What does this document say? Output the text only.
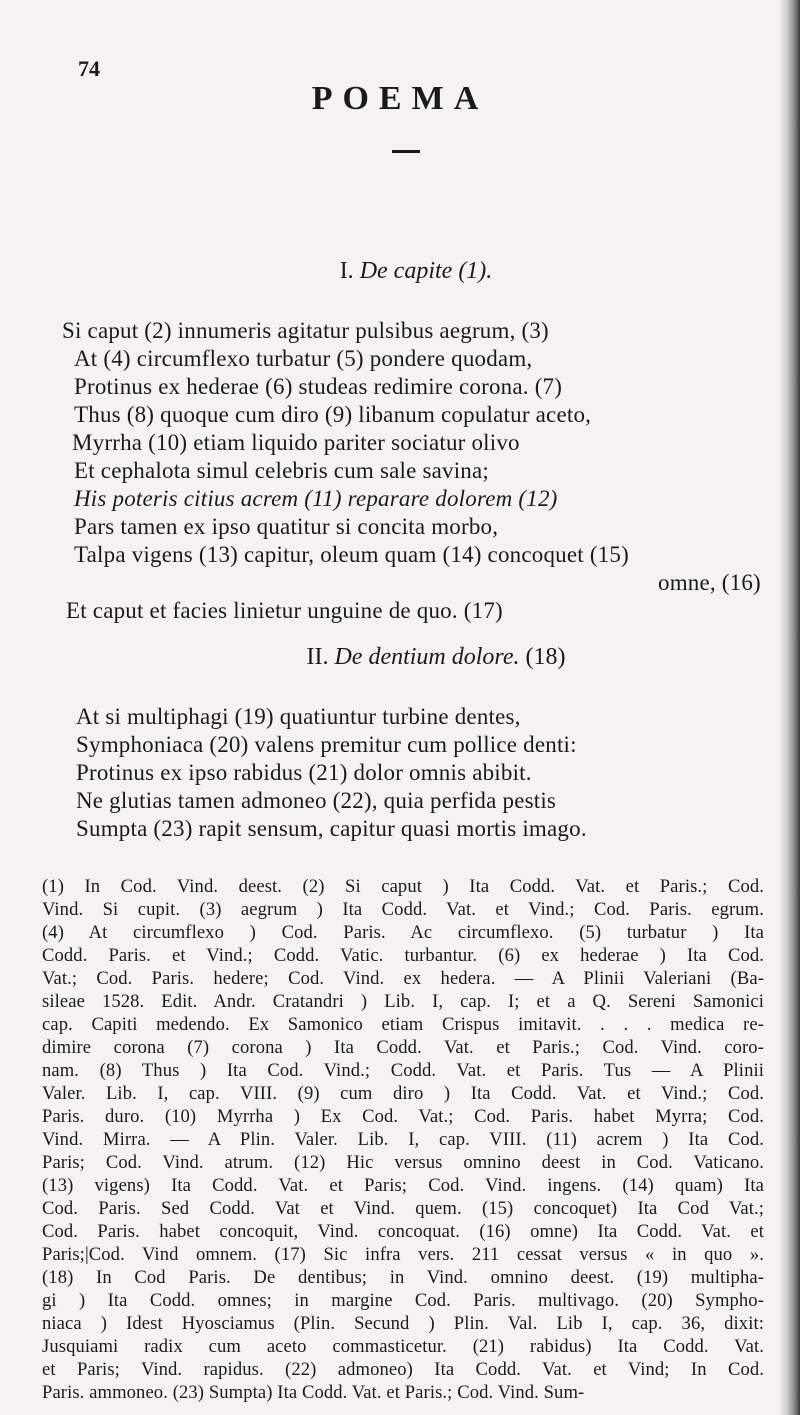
74
POEMA
I. De capite (1).
Si caput (2) innumeris agitatur pulsibus aegrum, (3)
At (4) circumflexo turbatur (5) pondere quodam,
Protinus ex hederae (6) studeas redimire corona. (7)
Thus (8) quoque cum diro (9) libanum copulatur aceto,
Myrrha (10) etiam liquido pariter sociatur olivo
Et cephalota simul celebris cum sale savina;
His poteris citius acrem (11) reparare dolorem (12)
Pars tamen ex ipso quatitur si concita morbo,
Talpa vigens (13) capitur, oleum quam (14) concoquet (15)
omne, (16)
Et caput et facies linietur unguine de quo. (17)
II. De dentium dolore. (18)
At si multiphagi (19) quatiuntur turbine dentes,
Symphoniaca (20) valens premitur cum pollice denti:
Protinus ex ipso rabidus (21) dolor omnis abibit.
Ne glutias tamen admoneo (22), quia perfida pestis
Sumpta (23) rapit sensum, capitur quasi mortis imago.
(1) In Cod. Vind. deest. (2) Si caput ) Ita Codd. Vat. et Paris.; Cod.
Vind. Si cupit. (3) aegrum ) Ita Codd. Vat. et Vind.; Cod. Paris. egrum.
(4) At circumflexo ) Cod. Paris. Ac circumflexo. (5) turbatur ) Ita
Codd. Paris. et Vind.; Codd. Vatic. turbantur. (6) ex hederae ) Ita Cod.
Vat.; Cod. Paris. hedere; Cod. Vind. ex hedera. — A Plinii Valeriani (Ba-
sileae 1528. Edit. Andr. Cratandri ) Lib. I, cap. I; et a Q. Sereni Samonici
cap. Capiti medendo. Ex Samonico etiam Crispus imitavit. . . . medica re-
dimire corona (7) corona ) Ita Codd. Vat. et Paris.; Cod. Vind. coro-
nam. (8) Thus ) Ita Cod. Vind.; Codd. Vat. et Paris. Tus — A Plinii
Valer. Lib. I, cap. VIII. (9) cum diro ) Ita Codd. Vat. et Vind.; Cod.
Paris. duro. (10) Myrrha ) Ex Cod. Vat.; Cod. Paris. habet Myrra; Cod.
Vind. Mirra. — A Plin. Valer. Lib. I, cap. VIII. (11) acrem ) Ita Cod.
Paris; Cod. Vind. atrum. (12) Hic versus omnino deest in Cod. Vaticano.
(13) vigens) Ita Codd. Vat. et Paris; Cod. Vind. ingens. (14) quam) Ita
Cod. Paris. Sed Codd. Vat et Vind. quem. (15) concoquet) Ita Cod Vat.;
Cod. Paris. habet concoquit, Vind. concoquat. (16) omne) Ita Codd. Vat. et
Paris;|Cod. Vind omnem. (17) Sic infra vers. 211 cessat versus « in quo ».
(18) In Cod Paris. De dentibus; in Vind. omnino deest. (19) multipha-
gi ) Ita Codd. omnes; in margine Cod. Paris. multivago. (20) Sympho-
niaca ) Idest Hyosciamus (Plin. Secund ) Plin. Val. Lib I, cap. 36, dixit:
Jusquiami radix cum aceto commasticetur. (21) rabidus) Ita Codd. Vat.
et Paris; Vind. rapidus. (22) admoneo) Ita Codd. Vat. et Vind; In Cod.
Paris. ammoneo. (23) Sumpta) Ita Codd. Vat. et Paris.; Cod. Vind. Sum-
